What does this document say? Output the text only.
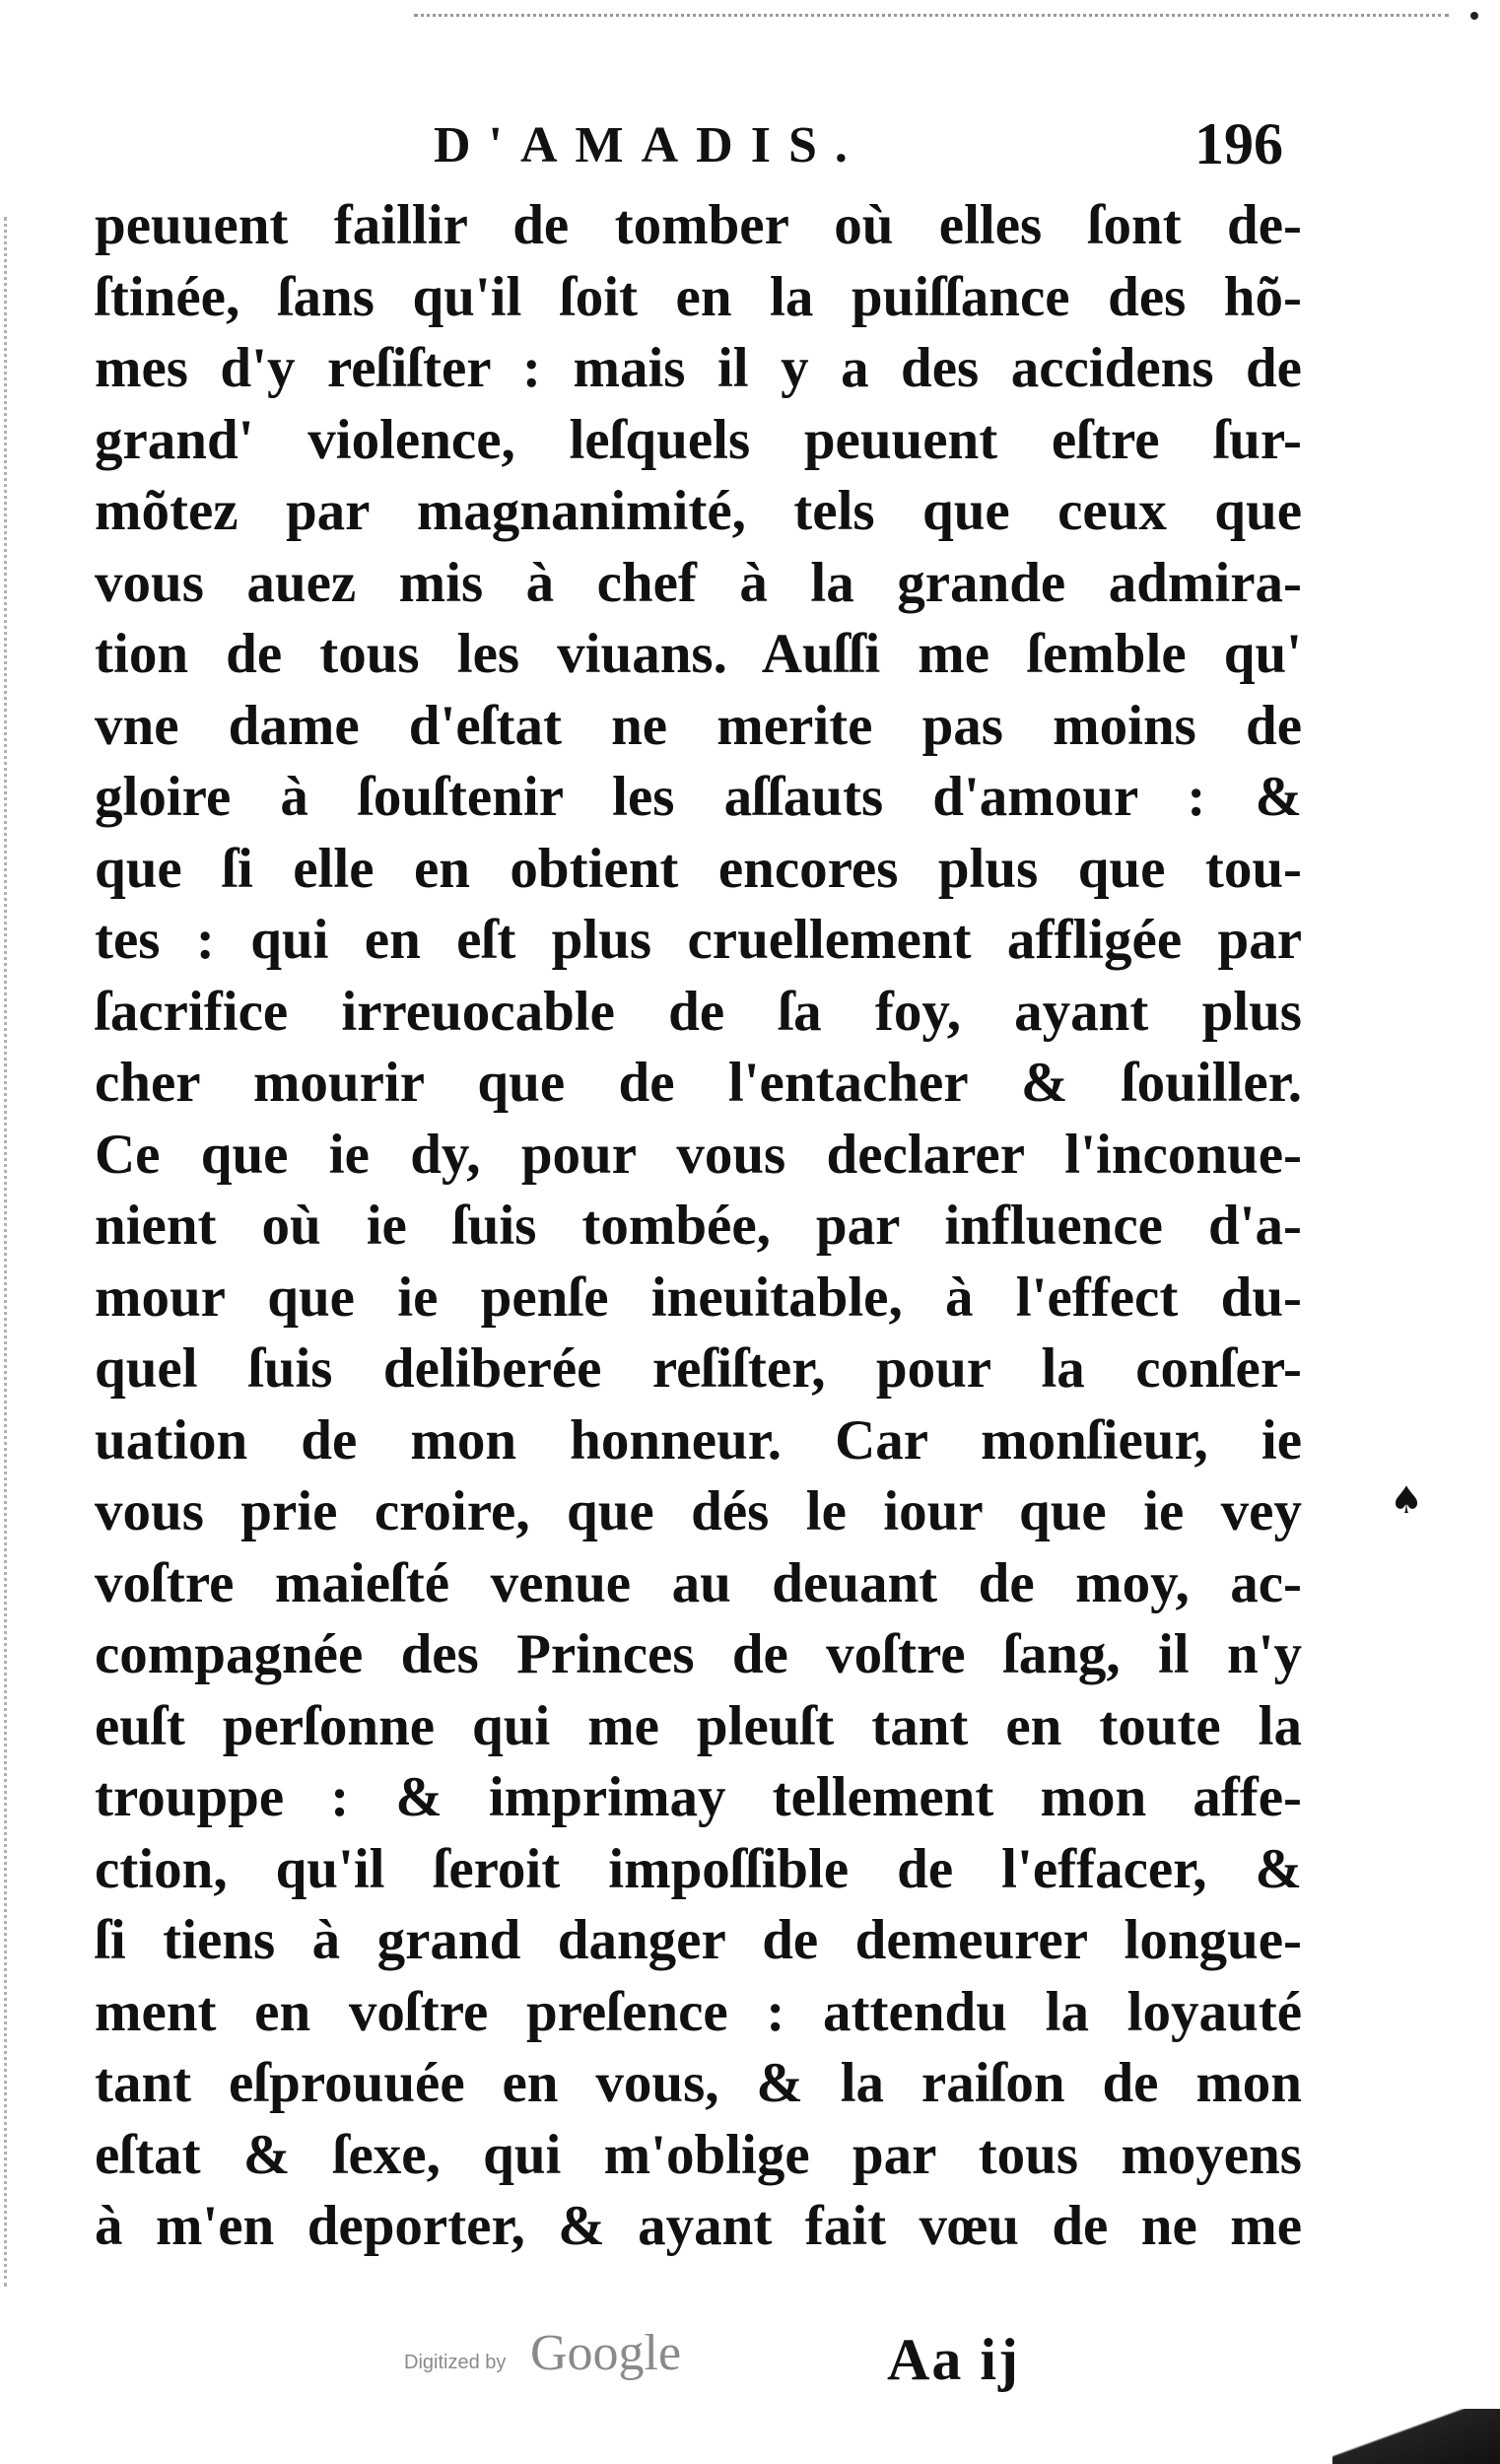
D'AMADIS.	196
peuuent faillir de tomber où elles ſont de-
ſtinée, ſans qu'il ſoit en la puiſſance des hõ-
mes d'y reſiſter : mais il y a des accidens de
grand' violence, leſquels peuuent eſtre ſur-
mõtez par magnanimité, tels que ceux que
vous auez mis à chef à la grande admira-
tion de tous les viuans. Auſſi me ſemble qu'
vne dame d'eſtat ne merite pas moins de
gloire à ſouſtenir les aſſauts d'amour : &
que ſi elle en obtient encores plus que tou-
tes : qui en eſt plus cruellement affligée par
ſacrifice irreuocable de ſa foy, ayant plus
cher mourir que de l'entacher & ſouiller.
Ce que ie dy, pour vous declarer l'inconue-
nient où ie ſuis tombée, par influence d'a-
mour que ie penſe ineuitable, à l'effect du-
quel ſuis deliberée reſiſter, pour la conſer-
uation de mon honneur. Car monſieur, ie
vous prie croire, que dés le iour que ie vey
voſtre maieſté venue au deuant de moy, ac-
compagnée des Princes de voſtre ſang, il n'y
euſt perſonne qui me pleuſt tant en toute la
trouppe : & imprimay tellement mon affe-
ction, qu'il ſeroit impoſſible de l'effacer, &
ſi tiens à grand danger de demeurer longue-
ment en voſtre preſence : attendu la loyauté
tant eſprouuée en vous, & la raiſon de mon
eſtat & ſexe, qui m'oblige par tous moyens
à m'en deporter, & ayant fait vœu de ne me
♠
Aa ij
Digitized by Google
